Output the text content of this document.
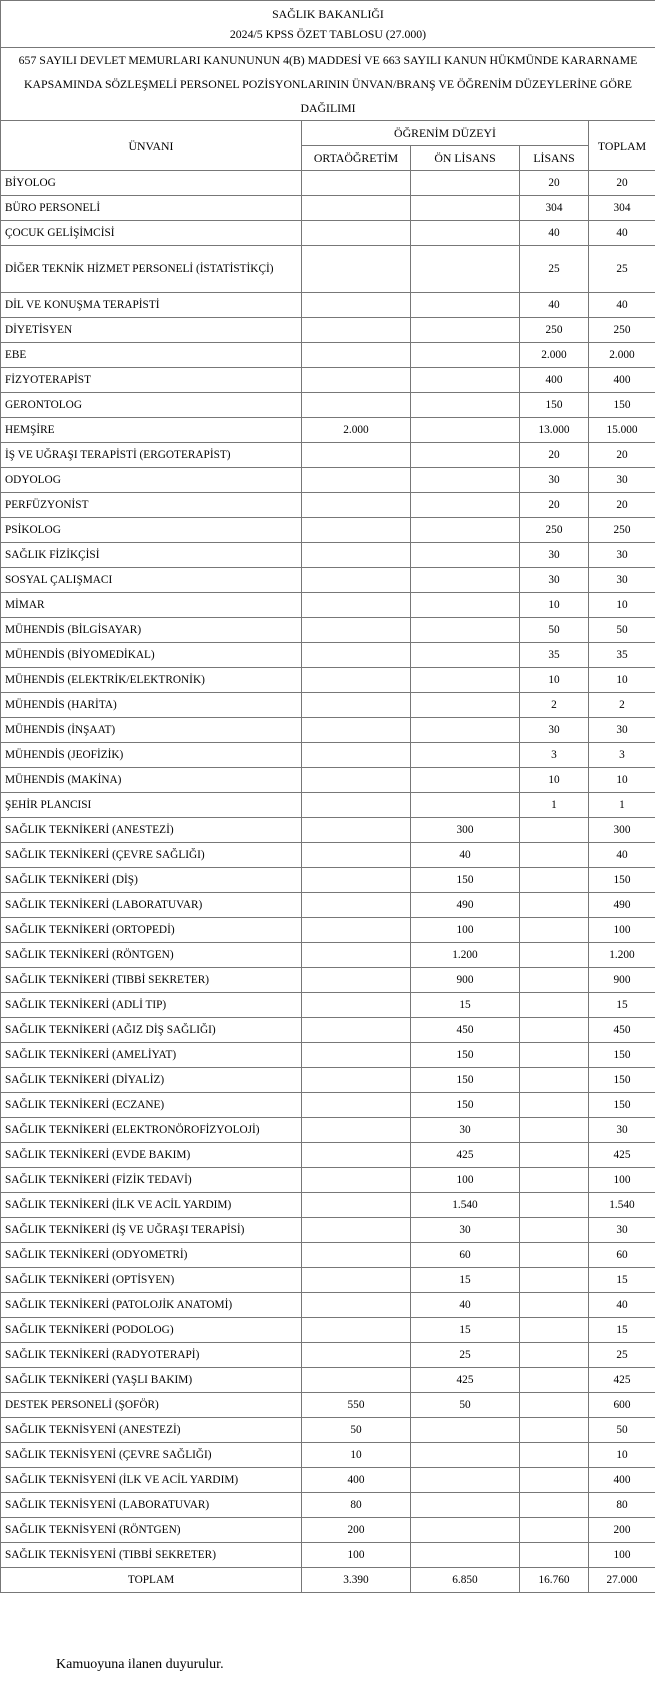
SAĞLIK BAKANLIĞI
2024/5 KPSS ÖZET TABLOSU (27.000)				

657 SAYILI DEVLET MEMURLARI KANUNUNUN 4(B) MADDESİ VE 663 SAYILI KANUN HÜKMÜNDE KARARNAME KAPSAMINDA SÖZLEŞMELİ PERSONEL POZİSYONLARININ ÜNVAN/BRANŞ VE ÖĞRENİM DÜZEYLERİNE GÖRE DAĞILIMI				
ÜNVANI	ÖĞRENİM DÜZEYİ			TOPLAM
	ORTAÖĞRETİM	ÖN LİSANS	LİSANS	
BİYOLOG			20	20
BÜRO PERSONELİ			304	304
ÇOCUK GELİŞİMCİSİ			40	40
DİĞER TEKNİK HİZMET PERSONELİ (İSTATİSTİKÇİ)			25	25
DİL VE KONUŞMA TERAPİSTİ			40	40
DİYETİSYEN			250	250
EBE			2.000	2.000
FİZYOTERAPİST			400	400
GERONTOLOG			150	150
HEMŞİRE	2.000		13.000	15.000
İŞ VE UĞRAŞI TERAPİSTİ (ERGOTERAPİST)			20	20
ODYOLOG			30	30
PERFÜZYONİST			20	20
PSİKOLOG			250	250
SAĞLIK FİZİKÇİSİ			30	30
SOSYAL ÇALIŞMACI			30	30
MİMAR			10	10
MÜHENDİS (BİLGİSAYAR)			50	50
MÜHENDİS (BİYOMEDİKAL)			35	35
MÜHENDİS (ELEKTRİK/ELEKTRONİK)			10	10
MÜHENDİS (HARİTA)			2	2
MÜHENDİS (İNŞAAT)			30	30
MÜHENDİS (JEOFİZİK)			3	3
MÜHENDİS (MAKİNA)			10	10
ŞEHİR PLANCISI			1	1
SAĞLIK TEKNİKERİ (ANESTEZİ)		300		300
SAĞLIK TEKNİKERİ (ÇEVRE SAĞLIĞI)		40		40
SAĞLIK TEKNİKERİ (DİŞ)		150		150
SAĞLIK TEKNİKERİ (LABORATUVAR)		490		490
SAĞLIK TEKNİKERİ (ORTOPEDİ)		100		100
SAĞLIK TEKNİKERİ (RÖNTGEN)		1.200		1.200
SAĞLIK TEKNİKERİ (TIBBİ SEKRETER)		900		900
SAĞLIK TEKNİKERİ (ADLİ TIP)		15		15
SAĞLIK TEKNİKERİ (AĞIZ DİŞ SAĞLIĞI)		450		450
SAĞLIK TEKNİKERİ (AMELİYAT)		150		150
SAĞLIK TEKNİKERİ (DİYALİZ)		150		150
SAĞLIK TEKNİKERİ (ECZANE)		150		150
SAĞLIK TEKNİKERİ (ELEKTRONÖROFİZYOLOJİ)		30		30
SAĞLIK TEKNİKERİ (EVDE BAKIM)		425		425
SAĞLIK TEKNİKERİ (FİZİK TEDAVİ)		100		100
SAĞLIK TEKNİKERİ (İLK VE ACİL YARDIM)		1.540		1.540
SAĞLIK TEKNİKERİ (İŞ VE UĞRAŞI TERAPİSİ)		30		30
SAĞLIK TEKNİKERİ (ODYOMETRİ)		60		60
SAĞLIK TEKNİKERİ (OPTİSYEN)		15		15
SAĞLIK TEKNİKERİ (PATOLOJİK ANATOMİ)		40		40
SAĞLIK TEKNİKERİ (PODOLOG)		15		15
SAĞLIK TEKNİKERİ (RADYOTERAPİ)		25		25
SAĞLIK TEKNİKERİ (YAŞLI BAKIM)		425		425
DESTEK PERSONELİ (ŞOFÖR)	550	50		600
SAĞLIK TEKNİSYENİ (ANESTEZİ)	50			50
SAĞLIK TEKNİSYENİ (ÇEVRE SAĞLIĞI)	10			10
SAĞLIK TEKNİSYENİ (İLK VE ACİL YARDIM)	400			400
SAĞLIK TEKNİSYENİ (LABORATUVAR)	80			80
SAĞLIK TEKNİSYENİ (RÖNTGEN)	200			200
SAĞLIK TEKNİSYENİ (TIBBİ SEKRETER)	100			100
TOPLAM	3.390	6.850	16.760	27.000
Kamuoyuna ilanen duyurulur.
